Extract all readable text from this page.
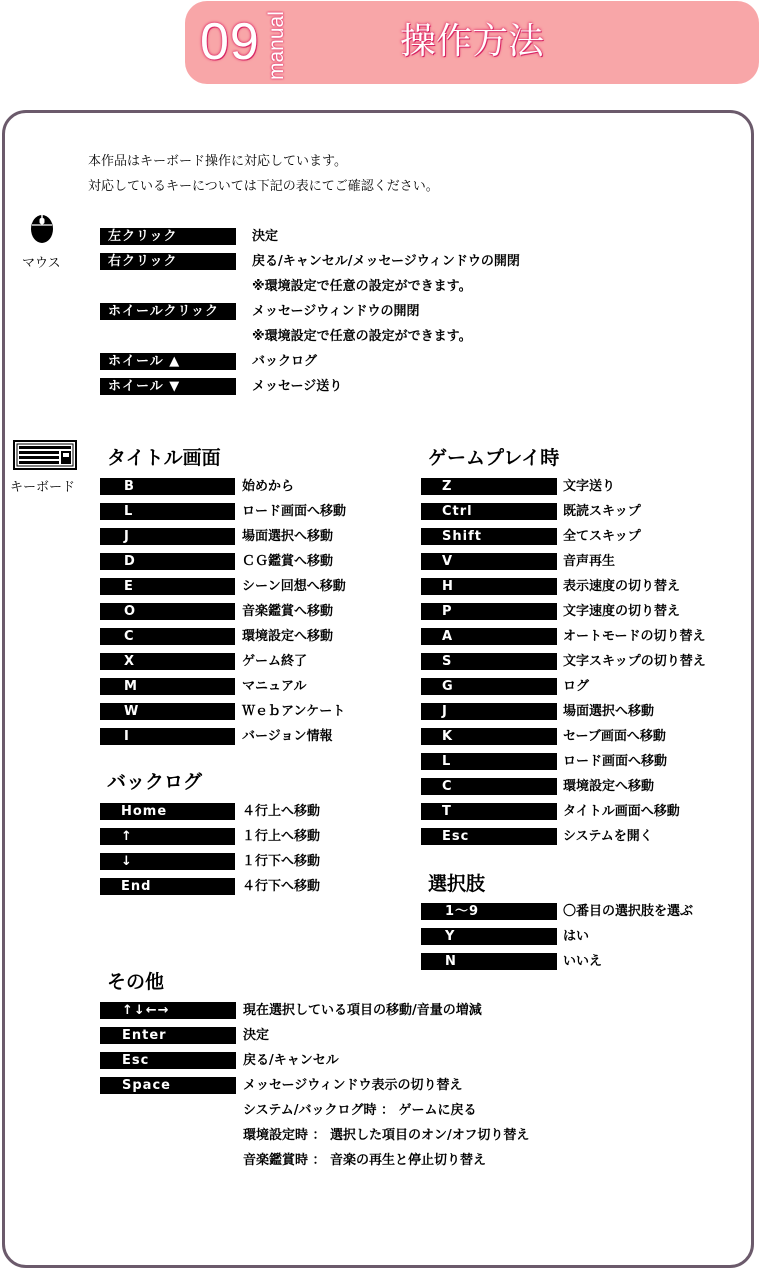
09 manual	操作方法
本作品はキーボード操作に対応しています。
対応しているキーについては下記の表にてご確認ください。
マウス
左クリック	決定
右クリック	戻る/キャンセル/メッセージウィンドウの開閉
※環境設定で任意の設定ができます。
ホイールクリック	メッセージウィンドウの開閉
※環境設定で任意の設定ができます。
ホイール ▲	バックログ
ホイール ▼	メッセージ送り
キーボード
タイトル画面
バックログ
ゲームプレイ時
選択肢
その他
B	始めから
L	ロード画面へ移動
J	場面選択へ移動
D	ＣＧ鑑賞へ移動
E	シーン回想へ移動
O	音楽鑑賞へ移動
C	環境設定へ移動
X	ゲーム終了
M	マニュアル
W	Ｗｅｂアンケート
I	バージョン情報
Home	４行上へ移動
↑	１行上へ移動
↓	１行下へ移動
End	４行下へ移動
Z	文字送り
Ctrl	既読スキップ
Shift	全てスキップ
V	音声再生
H	表示速度の切り替え
P	文字速度の切り替え
A	オートモードの切り替え
S	文字スキップの切り替え
G	ログ
J	場面選択へ移動
K	セーブ画面へ移動
L	ロード画面へ移動
C	環境設定へ移動
T	タイトル画面へ移動
Esc	システムを開く
1～9	〇番目の選択肢を選ぶ
Y	はい
N	いいえ
↑↓←→	現在選択している項目の移動/音量の増減
Enter	決定
Esc	戻る/キャンセル
Space	メッセージウィンドウ表示の切り替え
システム/バックログ時 ： ゲームに戻る
環境設定時 ： 選択した項目のオン/オフ切り替え
音楽鑑賞時 ： 音楽の再生と停止切り替え
